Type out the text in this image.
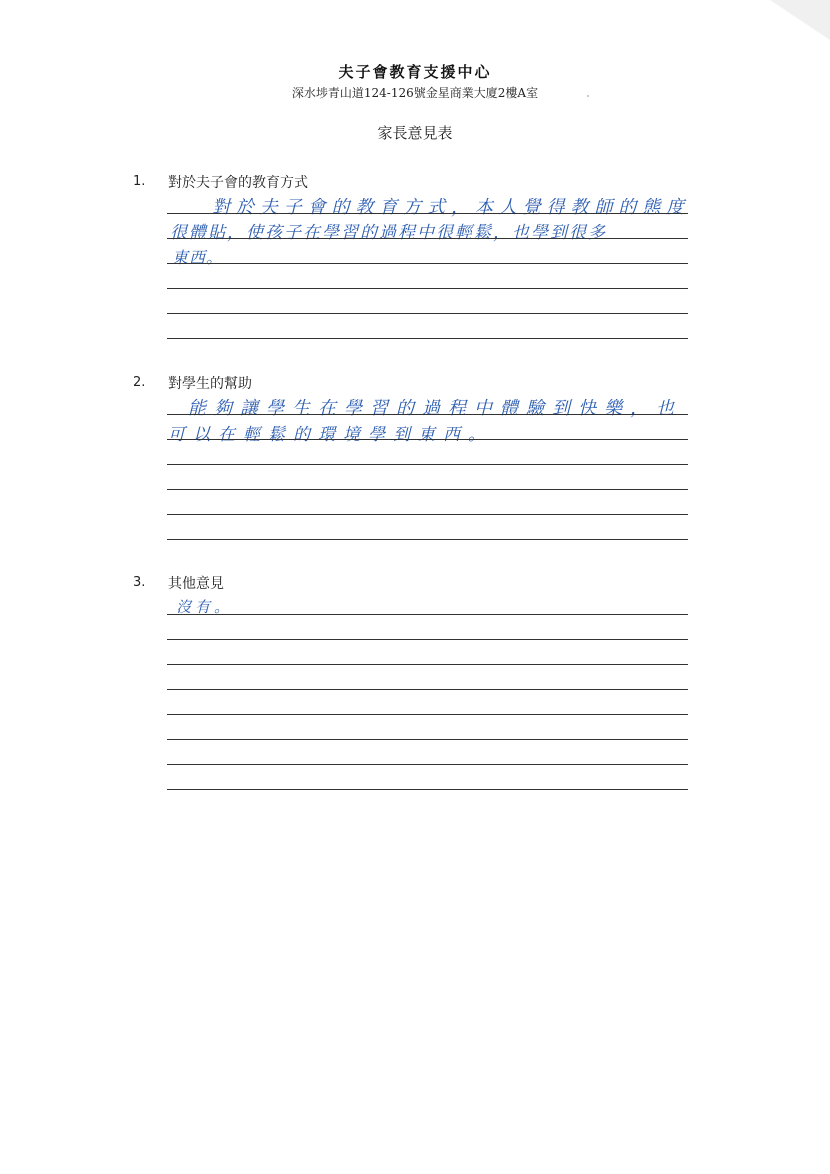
夫子會教育支援中心
深水埗青山道124-126號金星商業大廈2樓A室
家長意見表
1. 對於夫子會的教育方式
對於夫子會的教育方式，本人覺得教師的態度
很體貼，使孩子在學習的過程中很輕鬆，也學到很多
東西。
2. 對學生的幫助
能夠讓學生在學習的過程中體驗到快樂，也
可以在輕鬆的環境學到東西。
3. 其他意見
沒有。
